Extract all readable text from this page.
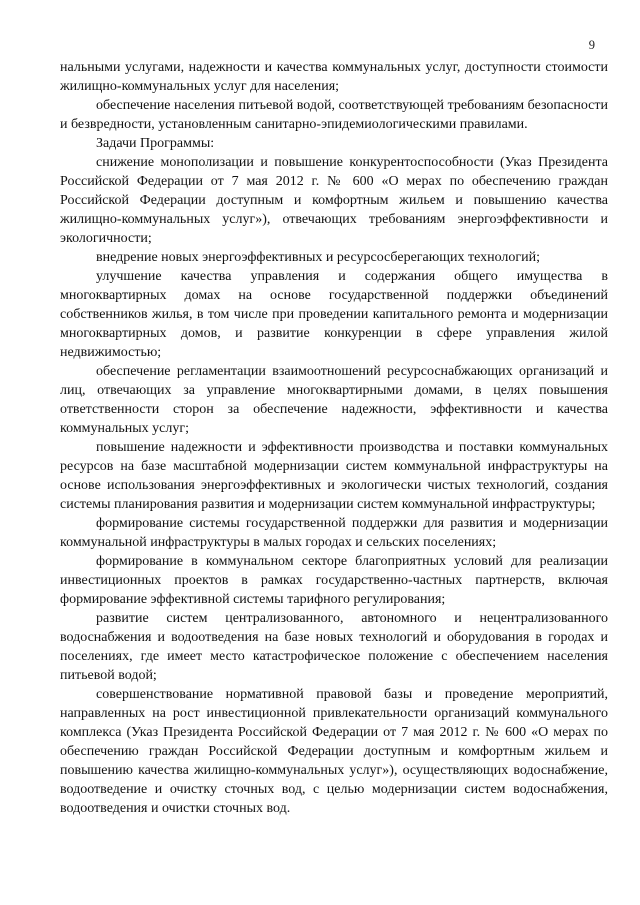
9

нальными услугами, надежности и качества коммунальных услуг, доступности стоимости жилищно-коммунальных услуг для населения;

обеспечение населения питьевой водой, соответствующей требованиям безопасности и безвредности, установленным санитарно-эпидемиологическими правилами.

Задачи Программы:

снижение монополизации и повышение конкурентоспособности (Указ Президента Российской Федерации от 7 мая 2012 г. № 600 «О мерах по обеспечению граждан Российской Федерации доступным и комфортным жильем и повышению качества жилищно-коммунальных услуг»), отвечающих требованиям энергоэффективности и экологичности;

внедрение новых энергоэффективных и ресурсосберегающих технологий;

улучшение качества управления и содержания общего имущества в многоквартирных домах на основе государственной поддержки объединений собственников жилья, в том числе при проведении капитального ремонта и модернизации многоквартирных домов, и развитие конкуренции в сфере управления жилой недвижимостью;

обеспечение регламентации взаимоотношений ресурсоснабжающих организаций и лиц, отвечающих за управление многоквартирными домами, в целях повышения ответственности сторон за обеспечение надежности, эффективности и качества коммунальных услуг;

повышение надежности и эффективности производства и поставки коммунальных ресурсов на базе масштабной модернизации систем коммунальной инфраструктуры на основе использования энергоэффективных и экологически чистых технологий, создания системы планирования развития и модернизации систем коммунальной инфраструктуры;

формирование системы государственной поддержки для развития и модернизации коммунальной инфраструктуры в малых городах и сельских поселениях;

формирование в коммунальном секторе благоприятных условий для реализации инвестиционных проектов в рамках государственно-частных партнерств, включая формирование эффективной системы тарифного регулирования;

развитие систем централизованного, автономного и нецентрализованного водоснабжения и водоотведения на базе новых технологий и оборудования в городах и поселениях, где имеет место катастрофическое положение с обеспечением населения питьевой водой;

совершенствование нормативной правовой базы и проведение мероприятий, направленных на рост инвестиционной привлекательности организаций коммунального комплекса (Указ Президента Российской Федерации от 7 мая 2012 г. № 600 «О мерах по обеспечению граждан Российской Федерации доступным и комфортным жильем и повышению качества жилищно-коммунальных услуг»), осуществляющих водоснабжение, водоотведение и очистку сточных вод, с целью модернизации систем водоснабжения, водоотведения и очистки сточных вод.
